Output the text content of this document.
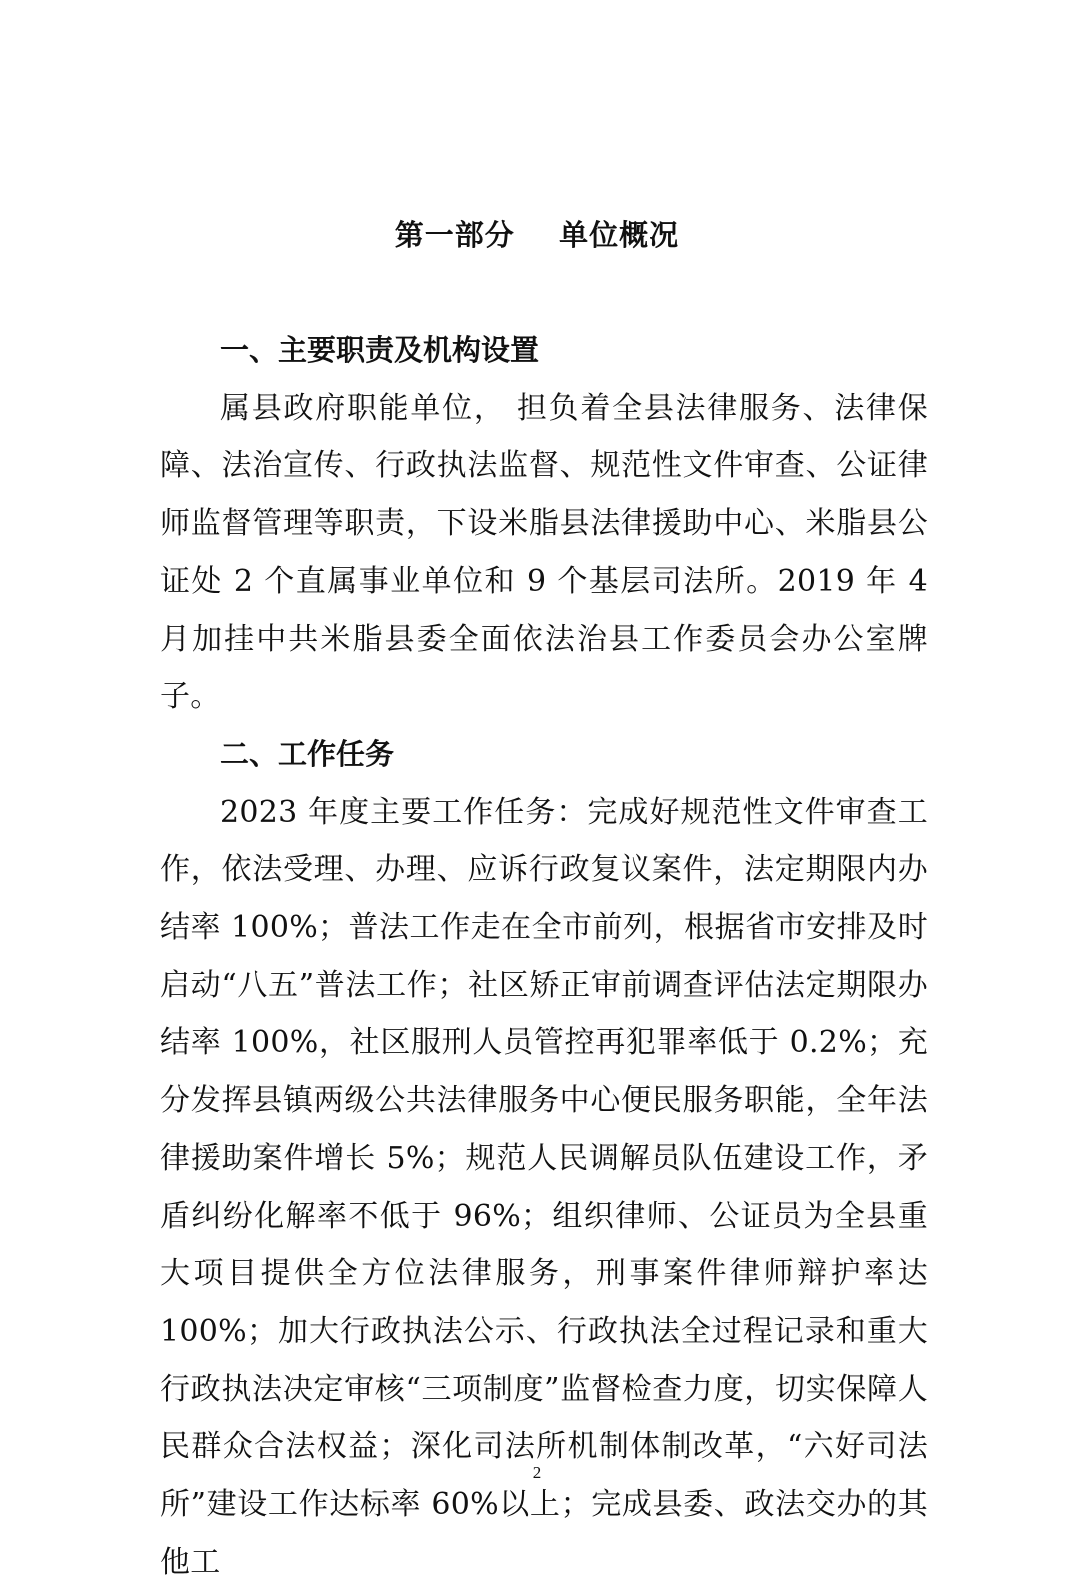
第一部分    单位概况

一、主要职责及机构设置

属县政府职能单位， 担负着全县法律服务、法律保障、法治宣传、行政执法监督、规范性文件审查、公证律师监督管理等职责，下设米脂县法律援助中心、米脂县公证处 2 个直属事业单位和 9 个基层司法所。2019 年 4 月加挂中共米脂县委全面依法治县工作委员会办公室牌子。

二、工作任务

2023 年度主要工作任务：完成好规范性文件审查工作，依法受理、办理、应诉行政复议案件，法定期限内办结率 100%；普法工作走在全市前列，根据省市安排及时启动“八五”普法工作；社区矫正审前调查评估法定期限办结率 100%，社区服刑人员管控再犯罪率低于 0.2%；充分发挥县镇两级公共法律服务中心便民服务职能，全年法律援助案件增长 5%；规范人民调解员队伍建设工作，矛盾纠纷化解率不低于 96%；组织律师、公证员为全县重大项目提供全方位法律服务，刑事案件律师辩护率达 100%；加大行政执法公示、行政执法全过程记录和重大行政执法决定审核“三项制度”监督检查力度，切实保障人民群众合法权益；深化司法所机制体制改革，“六好司法所”建设工作达标率 60%以上；完成县委、政法交办的其他工

2
